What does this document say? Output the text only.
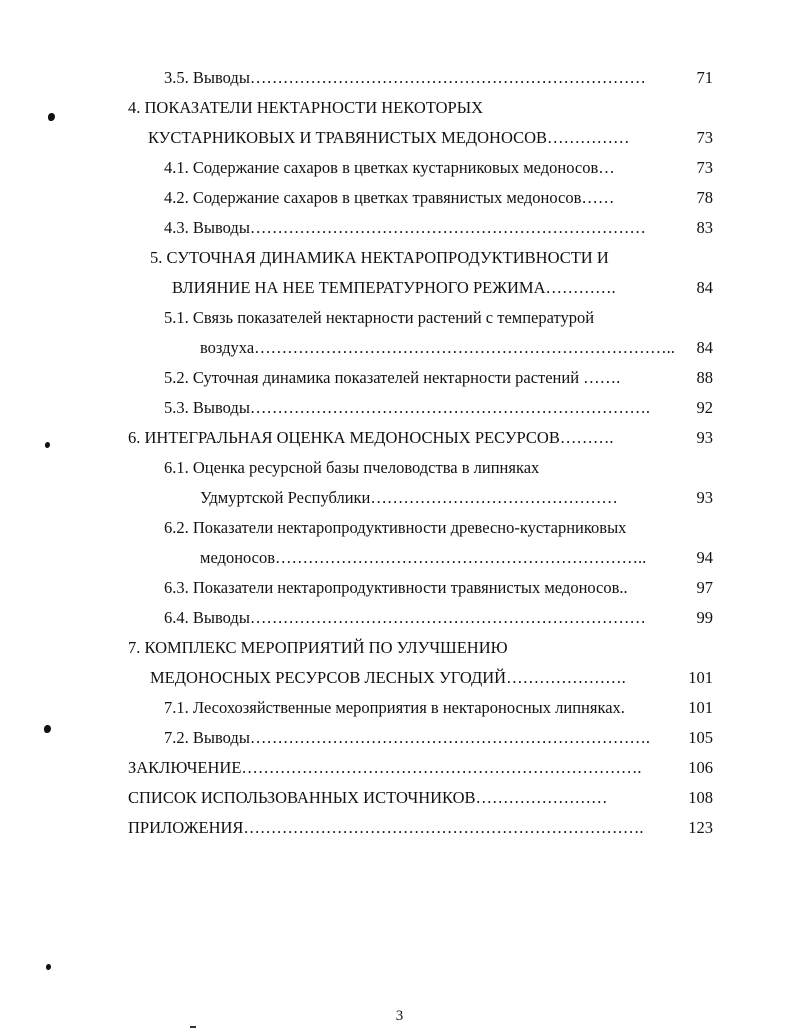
3.5. Выводы………………………………………………………………	71
4. ПОКАЗАТЕЛИ НЕКТАРНОСТИ НЕКОТОРЫХ
КУСТАРНИКОВЫХ И ТРАВЯНИСТЫХ МЕДОНОСОВ……………	73
4.1. Содержание сахаров в цветках кустарниковых медоносов…	73
4.2. Содержание сахаров в цветках травянистых медоносов……	78
4.3. Выводы………………………………………………………………	83
5. СУТОЧНАЯ ДИНАМИКА НЕКТАРОПРОДУКТИВНОСТИ И
ВЛИЯНИЕ НА НЕЕ ТЕМПЕРАТУРНОГО РЕЖИМА………….	84
5.1. Связь показателей нектарности растений с температурой
воздуха…………………………………………………………………..	84
5.2. Суточная динамика показателей нектарности растений …….	88
5.3. Выводы……………………………………………………………….	92
6. ИНТЕГРАЛЬНАЯ ОЦЕНКА МЕДОНОСНЫХ РЕСУРСОВ……….	93
6.1. Оценка ресурсной базы пчеловодства в липняках
Удмуртской Республики………………………………………	93
6.2. Показатели нектаропродуктивности древесно-кустарниковых
медоносов…………………………………………………………..	94
6.3. Показатели нектаропродуктивности травянистых медоносов..	97
6.4. Выводы………………………………………………………………	99
7. КОМПЛЕКС МЕРОПРИЯТИЙ ПО УЛУЧШЕНИЮ
МЕДОНОСНЫХ РЕСУРСОВ ЛЕСНЫХ УГОДИЙ………………….	101
7.1. Лесохозяйственные мероприятия в нектароносных липняках.	101
7.2. Выводы……………………………………………………………….	105
ЗАКЛЮЧЕНИЕ……………………………………………………………….	106
СПИСОК ИСПОЛЬЗОВАННЫХ ИСТОЧНИКОВ……………………	108
ПРИЛОЖЕНИЯ……………………………………………………………….	123
3
